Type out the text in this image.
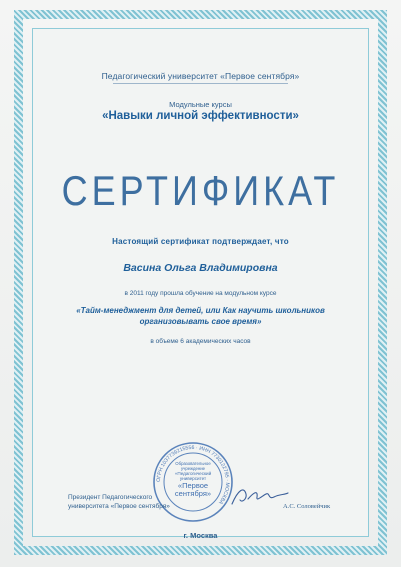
Педагогический университет «Первое сентября»
Модульные курсы
«Навыки личной эффективности»
СЕРТИФИКАТ
Настоящий сертификат подтверждает, что
Васина Ольга Владимировна
в 2011 году прошла обучение на модульном курсе
«Тайм-менеджмент для детей, или Как научить школьников
организовывать свое время»
в объеме 6 академических часов
ОГРН 1037739215556 · ИНН 7730122795 · МОСКВА
Образовательное
учреждение
«Педагогический
университет
«Первое
сентября»
Президент Педагогического
университета «Первое сентября»	А.С. Соловейчик
г. Москва
